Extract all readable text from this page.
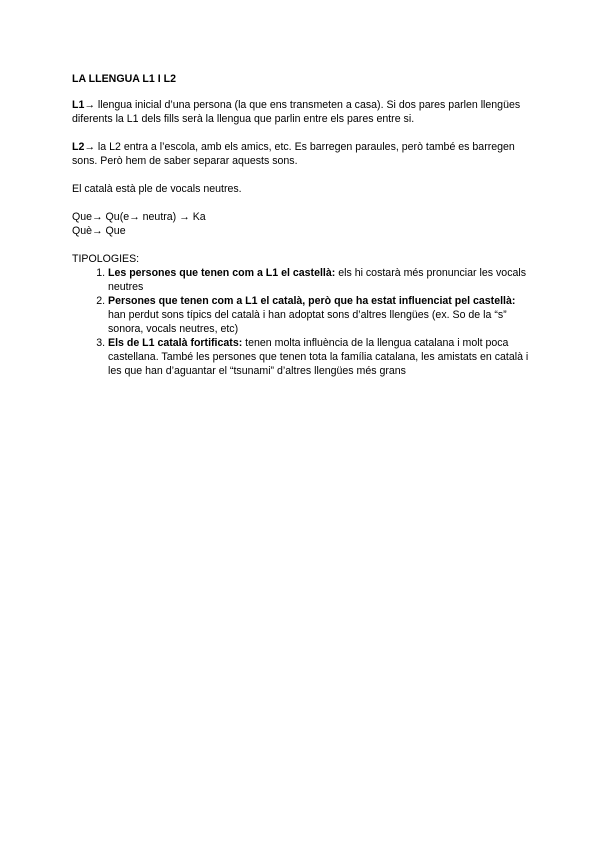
LA LLENGUA L1 I L2

L1→ llengua inicial d’una persona (la que ens transmeten a casa). Si dos pares parlen llengües diferents la L1 dels fills serà la llengua que parlin entre els pares entre si.

L2→ la L2 entra a l’escola, amb els amics, etc. Es barregen paraules, però també es barregen sons. Però hem de saber separar aquests sons.

El català està ple de vocals neutres.

Que→ Qu(e→ neutra) → Ka

Què→ Que

TIPOLOGIES:

1. Les persones que tenen com a L1 el castellà: els hi costarà més pronunciar les vocals neutres
2. Persones que tenen com a L1 el català, però que ha estat influenciat pel castellà: han perdut sons típics del català i han adoptat sons d’altres llengües (ex. So de la “s” sonora, vocals neutres, etc)
3. Els de L1 català fortificats: tenen molta influència de la llengua catalana i molt poca castellana. També les persones que tenen tota la família catalana, les amistats en català i les que han d’aguantar el “tsunami” d’altres llengües més grans
